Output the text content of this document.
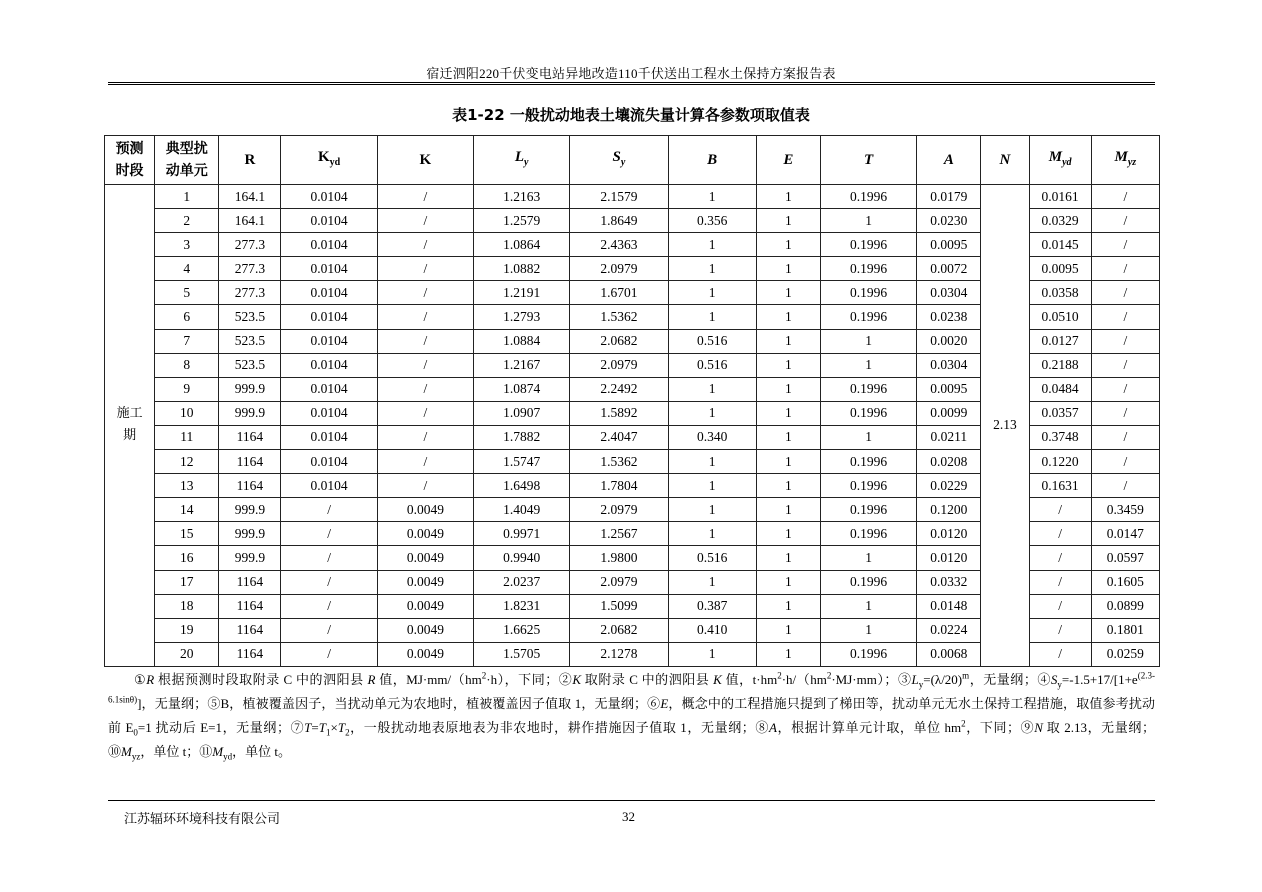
宿迁泗阳220千伏变电站异地改造110千伏送出工程水土保持方案报告表
表1-22 一般扰动地表土壤流失量计算各参数项取值表
预测
时段	典型扰
动单元	R	$K_{yd}$	K	$L_y$	$S_y$	B	E	T	A	N	$M_{yd}$	$M_{yz}$
施工
期	1	164.1	0.0104	/	1.2163	2.1579	1	1	0.1996	0.0179	2.13	0.0161	/
	2	164.1	0.0104	/	1.2579	1.8649	0.356	1	1	0.0230		0.0329	/
	3	277.3	0.0104	/	1.0864	2.4363	1	1	0.1996	0.0095		0.0145	/
	4	277.3	0.0104	/	1.0882	2.0979	1	1	0.1996	0.0072		0.0095	/
	5	277.3	0.0104	/	1.2191	1.6701	1	1	0.1996	0.0304		0.0358	/
	6	523.5	0.0104	/	1.2793	1.5362	1	1	0.1996	0.0238		0.0510	/
	7	523.5	0.0104	/	1.0884	2.0682	0.516	1	1	0.0020		0.0127	/
	8	523.5	0.0104	/	1.2167	2.0979	0.516	1	1	0.0304		0.2188	/
	9	999.9	0.0104	/	1.0874	2.2492	1	1	0.1996	0.0095		0.0484	/
	10	999.9	0.0104	/	1.0907	1.5892	1	1	0.1996	0.0099		0.0357	/
	11	1164	0.0104	/	1.7882	2.4047	0.340	1	1	0.0211		0.3748	/
	12	1164	0.0104	/	1.5747	1.5362	1	1	0.1996	0.0208		0.1220	/
	13	1164	0.0104	/	1.6498	1.7804	1	1	0.1996	0.0229		0.1631	/
	14	999.9	/	0.0049	1.4049	2.0979	1	1	0.1996	0.1200		/	0.3459
	15	999.9	/	0.0049	0.9971	1.2567	1	1	0.1996	0.0120		/	0.0147
	16	999.9	/	0.0049	0.9940	1.9800	0.516	1	1	0.0120		/	0.0597
	17	1164	/	0.0049	2.0237	2.0979	1	1	0.1996	0.0332		/	0.1605
	18	1164	/	0.0049	1.8231	1.5099	0.387	1	1	0.0148		/	0.0899
	19	1164	/	0.0049	1.6625	2.0682	0.410	1	1	0.0224		/	0.1801
	20	1164	/	0.0049	1.5705	2.1278	1	1	0.1996	0.0068		/	0.0259
①R 根据预测时段取附录 C 中的泗阳县 R 值，$MJ\cdot mm/(hm^2\cdot h)$，下同；②K 取附录 C 中的泗阳县 K 值，$t\cdot hm^2\cdot h/(hm^2\cdot MJ\cdot mm)$；$③L_y=(\lambda/20)^m$，无量纲；$④S_y=-1.5+17/[1+e^{(2.3-6.1sin\theta)}]$，无量纲；⑤B，植被覆盖因子，当扰动单元为农地时，植被覆盖因子值取 1，无量纲；⑥E，概念中的工程措施只提到了梯田等，扰动单元无水土保持工程措施，取值参考扰动前 $E_0=1$ 扰动后 E=1，无量纲；$⑦T=T_1\times T_2$，一般扰动地表原地表为非农地时，耕作措施因子值取 1，无量纲；⑧A，根据计算单元计取，单位 $hm^2$，下同；⑨N 取 2.13，无量纲；$⑩M_{yz}$，单位 t；$⑪M_{yd}$，单位 t。
江苏辐环环境科技有限公司	32
